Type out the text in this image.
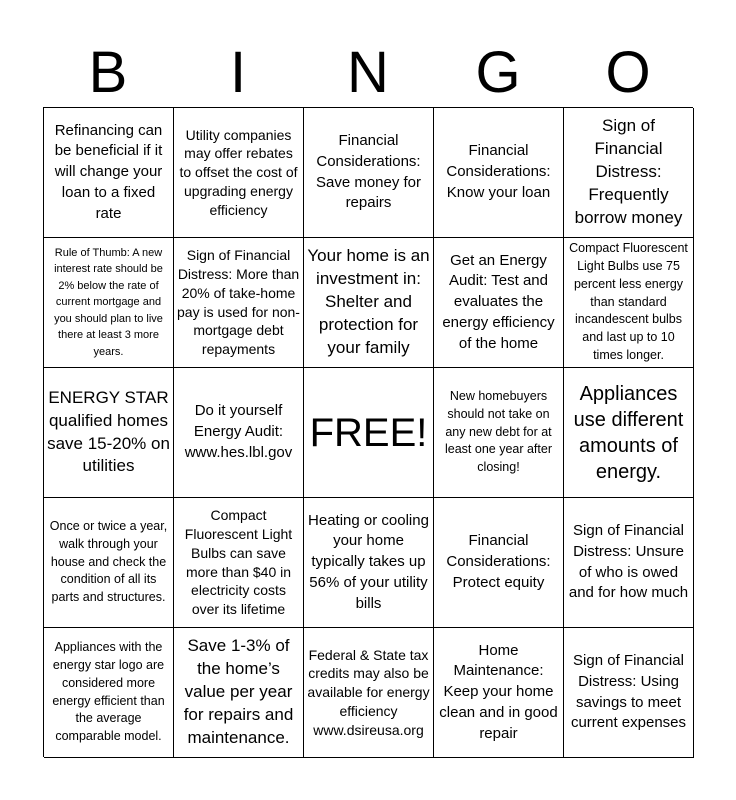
B	I	N	G	O
Refinancing can be beneficial if it will change your loan to a fixed rate
Utility companies may offer rebates to offset the cost of upgrading energy efficiency
Financial Considerations: Save money for repairs
Financial Considerations: Know your loan
Sign of Financial Distress: Frequently borrow money
Rule of Thumb: A new interest rate should be 2% below the rate of current mortgage and you should plan to live there at least 3 more years.
Sign of Financial Distress: More than 20% of take-home pay is used for non-mortgage debt repayments
Your home is an investment in: Shelter and protection for your family
Get an Energy Audit: Test and evaluates the energy efficiency of the home
Compact Fluorescent Light Bulbs use 75 percent less energy than standard incandescent bulbs and last up to 10 times longer.
ENERGY STAR qualified homes save 15-20% on utilities
Do it yourself Energy Audit: www.hes.lbl.gov FREE!
New homebuyers should not take on any new debt for at least one year after closing!
Appliances use different amounts of energy.
Once or twice a year, walk through your house and check the condition of all its parts and structures.
Compact Fluorescent Light Bulbs can save more than $40 in electricity costs over its lifetime
Heating or cooling your home typically takes up 56% of your utility bills
Financial Considerations: Protect equity
Sign of Financial Distress: Unsure of who is owed and for how much
Appliances with the energy star logo are considered more energy efficient than the average comparable model.
Save 1-3% of the home’s value per year for repairs and maintenance.
Federal & State tax credits may also be available for energy efficiency www.dsireusa.org
Home Maintenance: Keep your home clean and in good repair
Sign of Financial Distress: Using savings to meet current expenses
